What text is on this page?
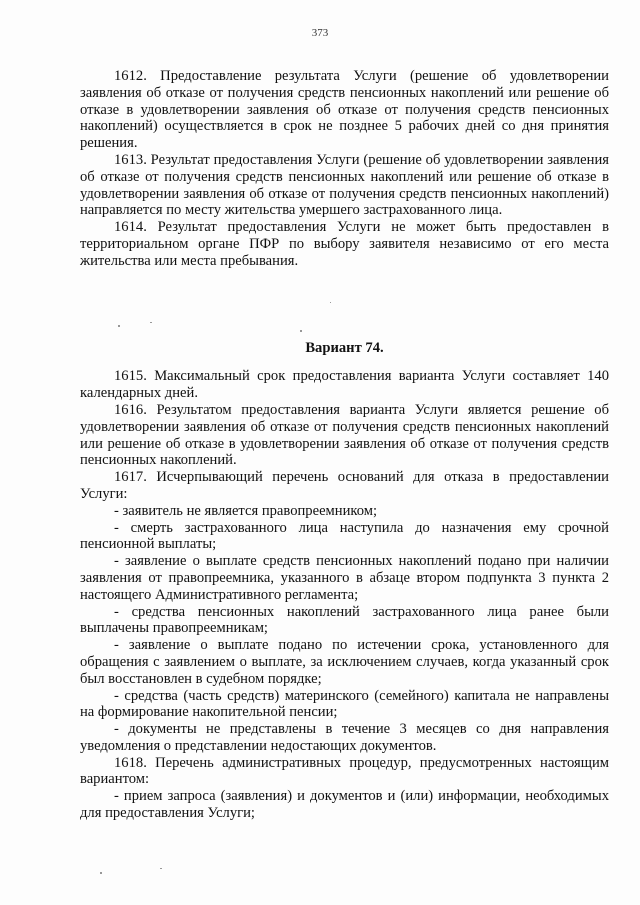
373

1612. Предоставление результата Услуги (решение об удовлетворении заявления об отказе от получения средств пенсионных накоплений или решение об отказе в удовлетворении заявления об отказе от получения средств пенсионных накоплений) осуществляется в срок не позднее 5 рабочих дней со дня принятия решения.

1613. Результат предоставления Услуги (решение об удовлетворении заявления об отказе от получения средств пенсионных накоплений или решение об отказе в удовлетворении заявления об отказе от получения средств пенсионных накоплений) направляется по месту жительства умершего застрахованного лица.

1614. Результат предоставления Услуги не может быть предоставлен в территориальном органе ПФР по выбору заявителя независимо от его места жительства или места пребывания.

Вариант 74.

1615. Максимальный срок предоставления варианта Услуги составляет 140 календарных дней.

1616. Результатом предоставления варианта Услуги является решение об удовлетворении заявления об отказе от получения средств пенсионных накоплений или решение об отказе в удовлетворении заявления об отказе от получения средств пенсионных накоплений.

1617. Исчерпывающий перечень оснований для отказа в предоставлении Услуги:

- заявитель не является правопреемником;

- смерть застрахованного лица наступила до назначения ему срочной пенсионной выплаты;

- заявление о выплате средств пенсионных накоплений подано при наличии заявления от правопреемника, указанного в абзаце втором подпункта 3 пункта 2 настоящего Административного регламента;

- средства пенсионных накоплений застрахованного лица ранее были выплачены правопреемникам;

- заявление о выплате подано по истечении срока, установленного для обращения с заявлением о выплате, за исключением случаев, когда указанный срок был восстановлен в судебном порядке;

- средства (часть средств) материнского (семейного) капитала не направлены на формирование накопительной пенсии;

- документы не представлены в течение 3 месяцев со дня направления уведомления о представлении недостающих документов.

1618. Перечень административных процедур, предусмотренных настоящим вариантом:

- прием запроса (заявления) и документов и (или) информации, необходимых для предоставления Услуги;
